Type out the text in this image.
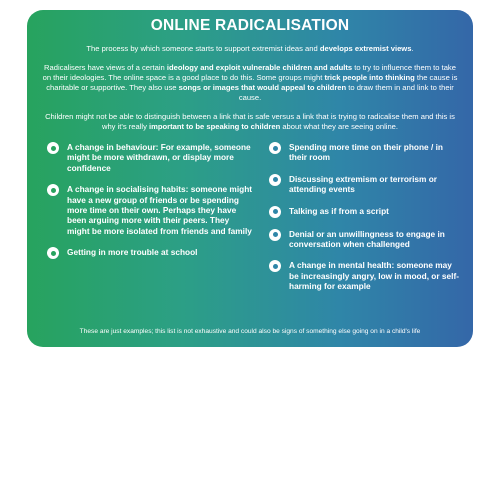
ONLINE RADICALISATION

The process by which someone starts to support extremist ideas and develops extremist views.

Radicalisers have views of a certain ideology and exploit vulnerable children and adults to try to influence them to take on their ideologies. The online space is a good place to do this. Some groups might trick people into thinking the cause is charitable or supportive. They also use songs or images that would appeal to children to draw them in and link to their cause.

Children might not be able to distinguish between a link that is safe versus a link that is trying to radicalise them and this is why it's really important to be speaking to children about what they are seeing online.

A change in behaviour: For example, someone might be more withdrawn, or display more confidence
A change in socialising habits: someone might have a new group of friends or be spending more time on their own. Perhaps they have been arguing more with their peers. They might be more isolated from friends and family
Getting in more trouble at school
Spending more time on their phone / in their room
Discussing extremism or terrorism or attending events
Talking as if from a script
Denial or an unwillingness to engage in conversation when challenged
A change in mental health: someone may be increasingly angry, low in mood, or self-harming for example
These are just examples; this list is not exhaustive and could also be signs of something else going on in a child's life
